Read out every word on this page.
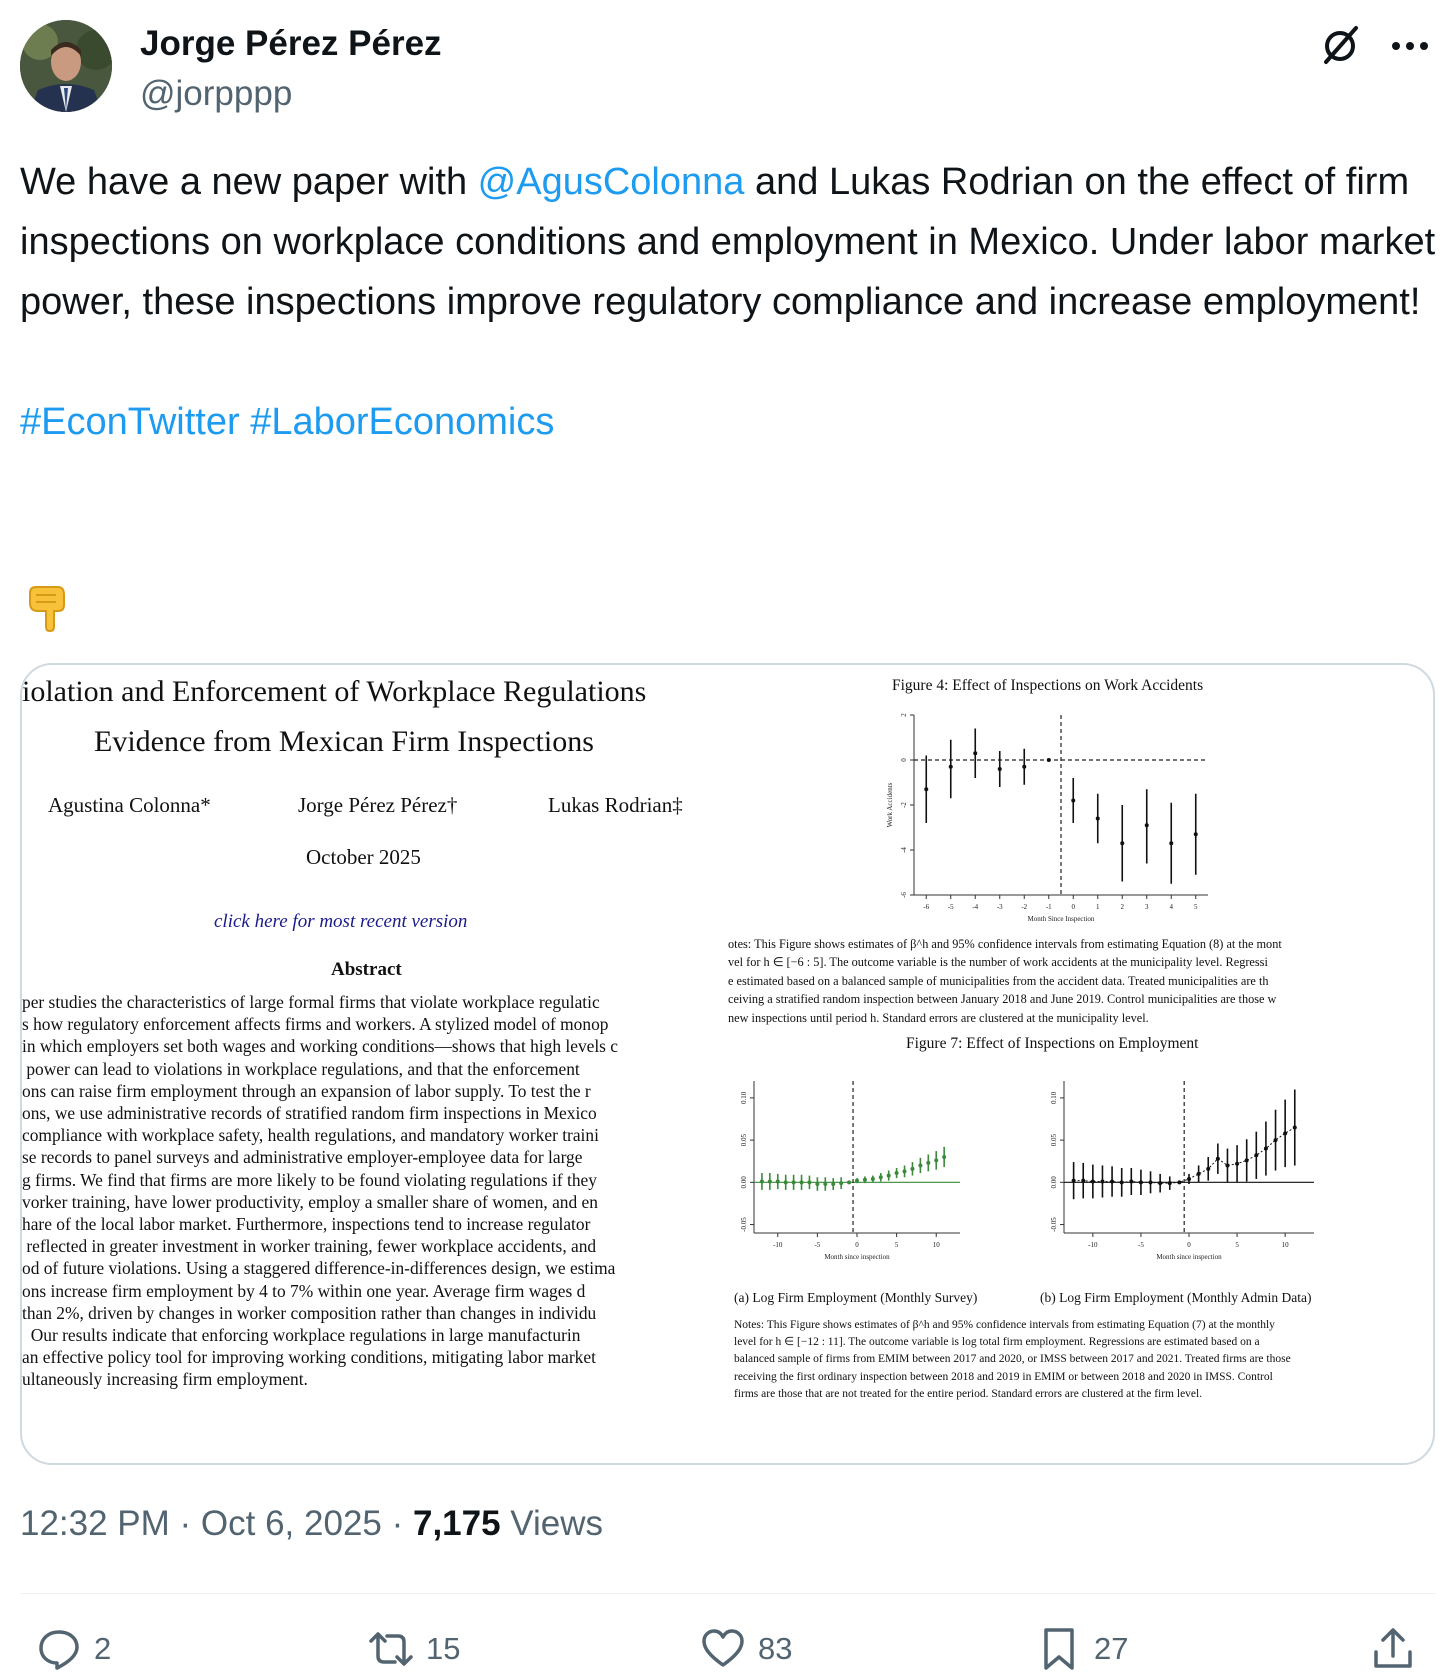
Jorge Pérez Pérez
@jorpppp
We have a new paper with @AgusColonna and Lukas Rodrian on the effect of firm inspections on workplace conditions and employment in Mexico. Under labor market power, these inspections improve regulatory compliance and increase employment!

#EconTwitter #LaborEconomics
iolation and Enforcement of Workplace Regulations
Evidence from Mexican Firm Inspections
Agustina Colonna*	Jorge Pérez Pérez†	Lukas Rodrian‡
October 2025
click here for most recent version
Abstract
per studies the characteristics of large formal firms that violate workplace regulatic
s how regulatory enforcement affects firms and workers. A stylized model of monop
in which employers set both wages and working conditions—shows that high levels c
power can lead to violations in workplace regulations, and that the enforcement
ons can raise firm employment through an expansion of labor supply. To test the r
ons, we use administrative records of stratified random firm inspections in Mexico
compliance with workplace safety, health regulations, and mandatory worker traini
se records to panel surveys and administrative employer-employee data for large
g firms. We find that firms are more likely to be found violating regulations if they
vorker training, have lower productivity, employ a smaller share of women, and en
hare of the local labor market. Furthermore, inspections tend to increase regulator
reflected in greater investment in worker training, fewer workplace accidents, and
od of future violations. Using a staggered difference-in-differences design, we estima
ons increase firm employment by 4 to 7% within one year. Average firm wages d
than 2%, driven by changes in worker composition rather than changes in individu
Our results indicate that enforcing workplace regulations in large manufacturin
an effective policy tool for improving working conditions, mitigating labor market
ultaneously increasing firm employment.
Figure 4: Effect of Inspections on Work Accidents
-6	-5	-4	-3	-2	-1	0	1	2	3	4	5
2
0
-2
-4
-6
Month Since Inspection
Work Accidents
otes: This Figure shows estimates of β^h and 95% confidence intervals from estimating Equation (8) at the mont
vel for h ∈ [−6 : 5]. The outcome variable is the number of work accidents at the municipality level. Regressi
e estimated based on a balanced sample of municipalities from the accident data. Treated municipalities are th
ceiving a stratified random inspection between January 2018 and June 2019. Control municipalities are those w
new inspections until period h. Standard errors are clustered at the municipality level.
Figure 7: Effect of Inspections on Employment
-10	-5	0	5	10
0.10
0.05
0.00
-0.05
Month since inspection
-10	-5	0	5	10
0.10
0.05
0.00
-0.05
Month since inspection
(a) Log Firm Employment (Monthly Survey)	(b) Log Firm Employment (Monthly Admin Data)
Notes: This Figure shows estimates of β^h and 95% confidence intervals from estimating Equation (7) at the monthly
level for h ∈ [−12 : 11]. The outcome variable is log total firm employment. Regressions are estimated based on a
balanced sample of firms from EMIM between 2017 and 2020, or IMSS between 2017 and 2021. Treated firms are those
receiving the first ordinary inspection between 2018 and 2019 in EMIM or between 2018 and 2020 in IMSS. Control
firms are those that are not treated for the entire period. Standard errors are clustered at the firm level.
12:32 PM · Oct 6, 2025 · 7,175 Views
2	15	83	27
